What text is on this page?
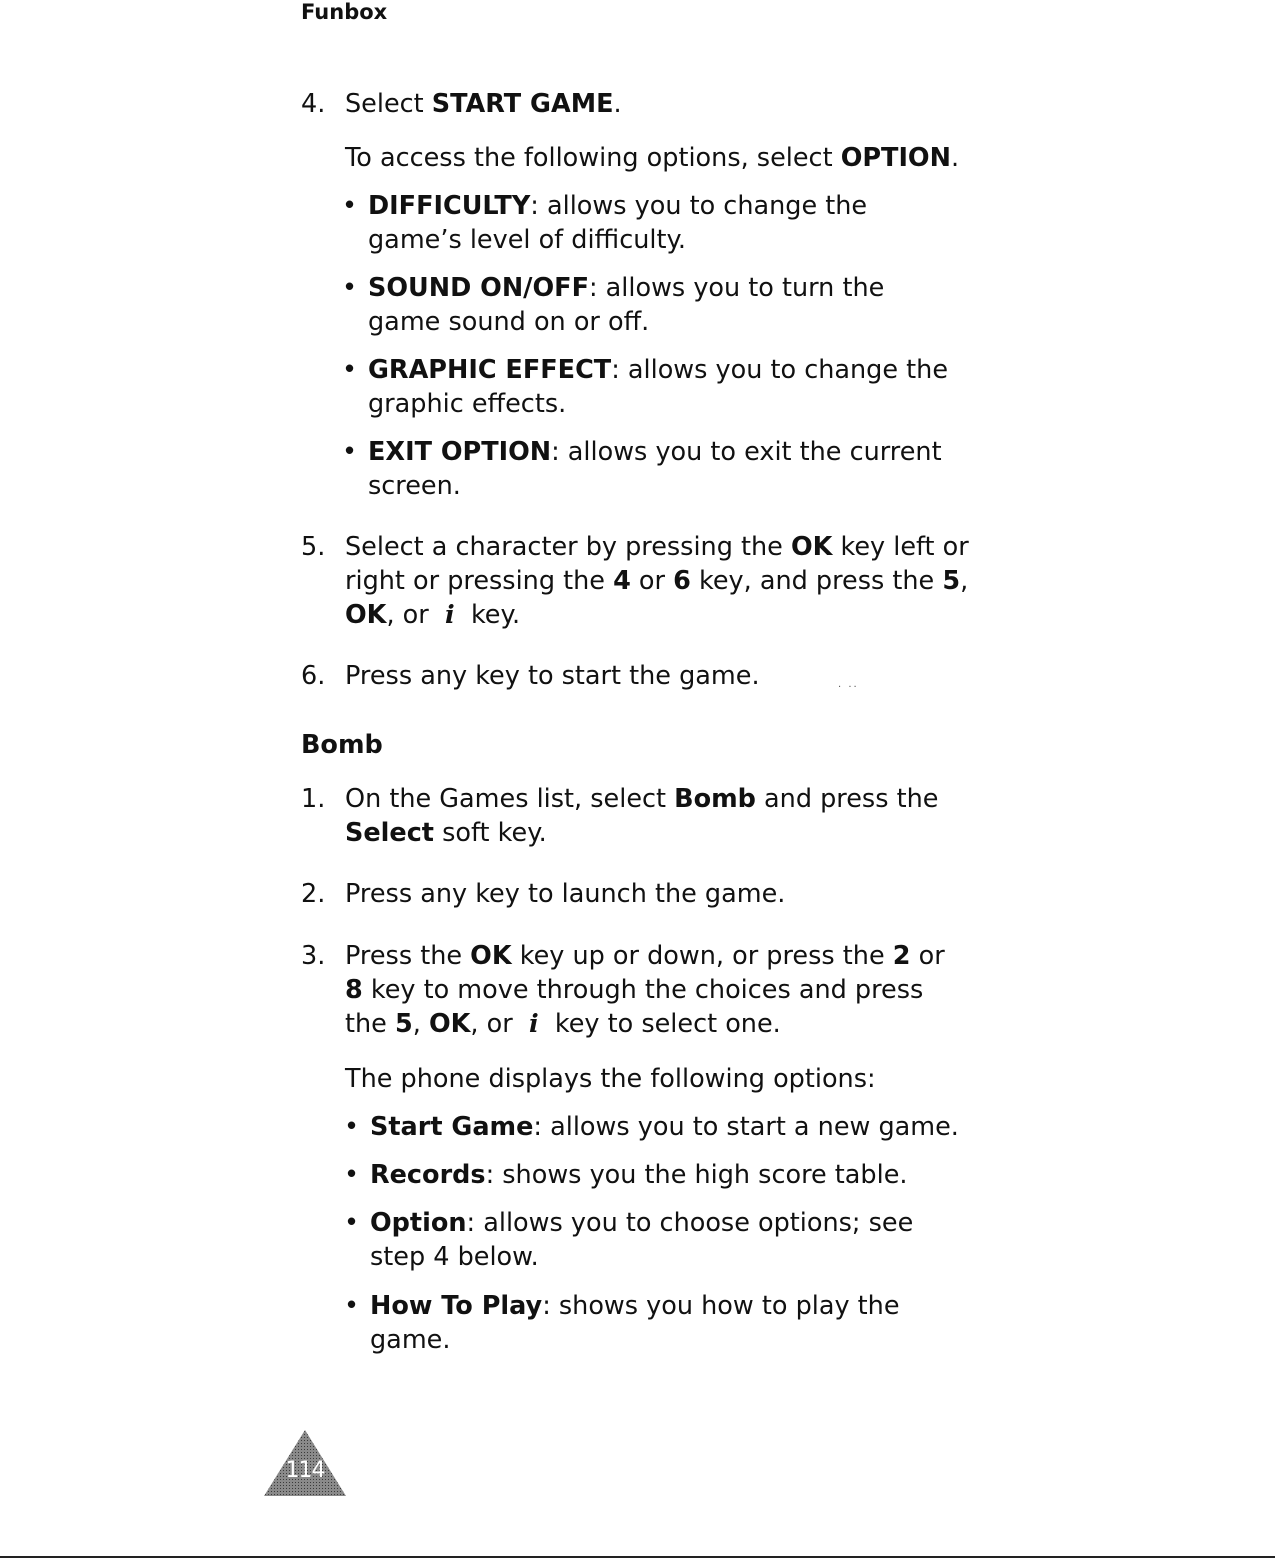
Funbox
4. Select START GAME.
To access the following options, select OPTION.
• DIFFICULTY: allows you to change the
game’s level of difficulty.
• SOUND ON/OFF: allows you to turn the
game sound on or off.
• GRAPHIC EFFECT: allows you to change the
graphic effects.
• EXIT OPTION: allows you to exit the current
screen.
5. Select a character by pressing the OK key left or
right or pressing the 4 or 6 key, and press the 5,
OK, or i key.
6. Press any key to start the game.	· ··
Bomb
1. On the Games list, select Bomb and press the
Select soft key.
2. Press any key to launch the game.
3. Press the OK key up or down, or press the 2 or
8 key to move through the choices and press
the 5, OK, or i key to select one.
The phone displays the following options:
• Start Game: allows you to start a new game.
• Records: shows you the high score table.
• Option: allows you to choose options; see
step 4 below.
• How To Play: shows you how to play the
game.
114
